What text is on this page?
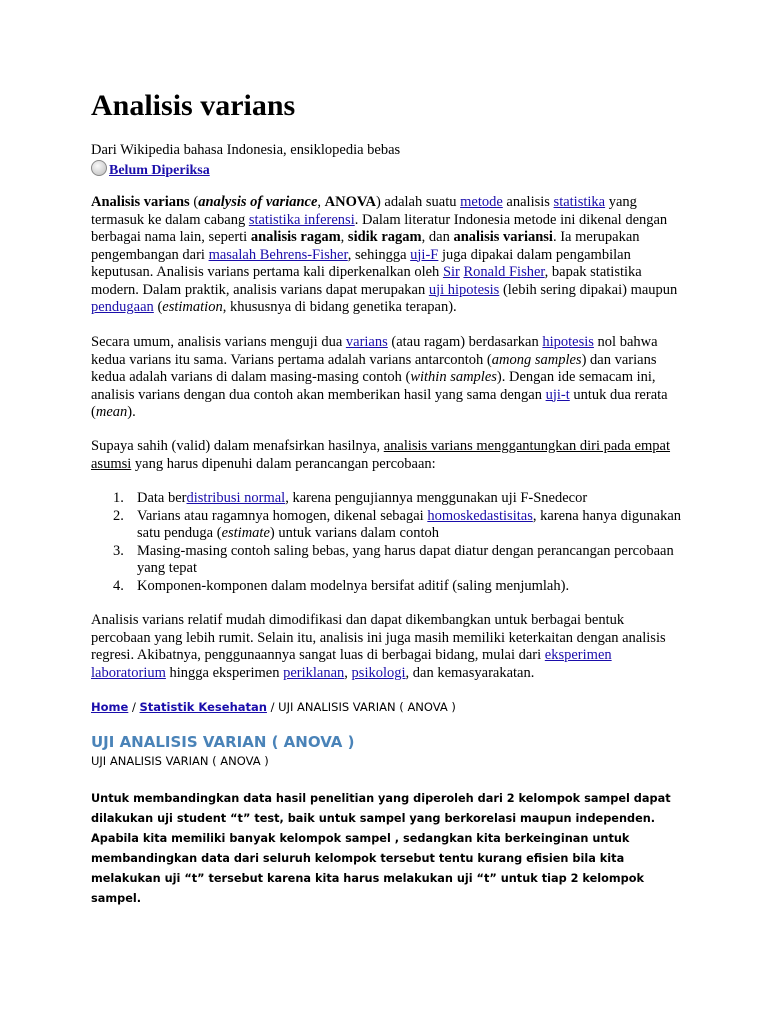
Analisis varians
Dari Wikipedia bahasa Indonesia, ensiklopedia bebas
Belum Diperiksa

Analisis varians (analysis of variance, ANOVA) adalah suatu metode analisis statistika yang termasuk ke dalam cabang statistika inferensi. Dalam literatur Indonesia metode ini dikenal dengan berbagai nama lain, seperti analisis ragam, sidik ragam, dan analisis variansi. Ia merupakan pengembangan dari masalah Behrens-Fisher, sehingga uji-F juga dipakai dalam pengambilan keputusan. Analisis varians pertama kali diperkenalkan oleh Sir Ronald Fisher, bapak statistika modern. Dalam praktik, analisis varians dapat merupakan uji hipotesis (lebih sering dipakai) maupun pendugaan (estimation, khususnya di bidang genetika terapan).

Secara umum, analisis varians menguji dua varians (atau ragam) berdasarkan hipotesis nol bahwa kedua varians itu sama. Varians pertama adalah varians antarcontoh (among samples) dan varians kedua adalah varians di dalam masing-masing contoh (within samples). Dengan ide semacam ini, analisis varians dengan dua contoh akan memberikan hasil yang sama dengan uji-t untuk dua rerata (mean).

Supaya sahih (valid) dalam menafsirkan hasilnya, analisis varians menggantungkan diri pada empat asumsi yang harus dipenuhi dalam perancangan percobaan:

1. Data berdistribusi normal, karena pengujiannya menggunakan uji F-Snedecor
2. Varians atau ragamnya homogen, dikenal sebagai homoskedastisitas, karena hanya digunakan satu penduga (estimate) untuk varians dalam contoh
3. Masing-masing contoh saling bebas, yang harus dapat diatur dengan perancangan percobaan yang tepat
4. Komponen-komponen dalam modelnya bersifat aditif (saling menjumlah).

Analisis varians relatif mudah dimodifikasi dan dapat dikembangkan untuk berbagai bentuk percobaan yang lebih rumit. Selain itu, analisis ini juga masih memiliki keterkaitan dengan analisis regresi. Akibatnya, penggunaannya sangat luas di berbagai bidang, mulai dari eksperimen laboratorium hingga eksperimen periklanan, psikologi, dan kemasyarakatan.

Home / Statistik Kesehatan / UJI ANALISIS VARIAN ( ANOVA )
UJI ANALISIS VARIAN ( ANOVA )
UJI ANALISIS VARIAN ( ANOVA )

Untuk membandingkan data hasil penelitian yang diperoleh dari 2 kelompok sampel dapat dilakukan uji student “t” test, baik untuk sampel yang berkorelasi maupun independen. Apabila kita memiliki banyak kelompok sampel , sedangkan kita berkeinginan untuk membandingkan data dari seluruh kelompok tersebut tentu kurang efisien bila kita melakukan uji “t” tersebut karena kita harus melakukan uji “t” untuk tiap 2 kelompok sampel.
